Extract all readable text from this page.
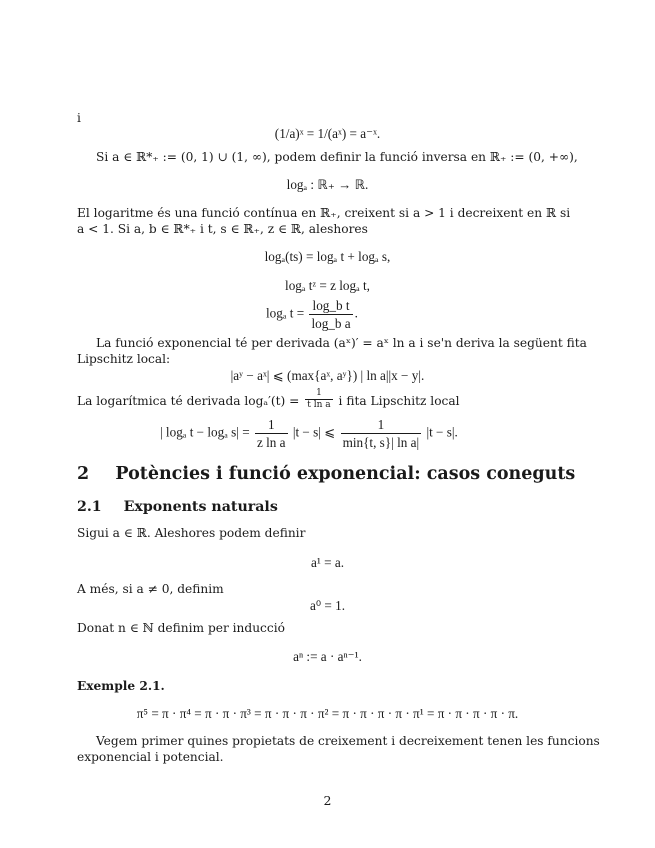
i
(1/a)ˣ = 1/(aˣ) = a⁻ˣ.
Si a ∈ ℝ*₊ := (0, 1) ∪ (1, ∞), podem definir la funció inversa en ℝ₊ := (0, +∞),
logₐ : ℝ₊ → ℝ.
El logaritme és una funció contínua en ℝ₊, creixent si a > 1 i decreixent en ℝ si
a < 1. Si a, b ∈ ℝ*₊ i t, s ∈ ℝ₊, z ∈ ℝ, aleshores
logₐ(ts) = logₐ t + logₐ s,
logₐ tᶻ = z logₐ t,
logₐ $t = \frac{\text{log\_b t}}{\text{log\_b a}}$ .
La funció exponencial té per derivada (aˣ)′ = aˣ ln a i se'n deriva la següent fita
Lipschitz local:
|aʸ − aˣ| ⩽ (max{aˣ, aʸ}) | ln a||x − y|.
La logarítmica té derivada $\log_a'(t) = \frac{1}{\text{t ln a}}$ i fita Lipschitz local
| logₐ t − logₐ $s| = \frac{1}{\text{z ln a}} |t - s|$ ⩽ $\frac{1}{\text{min\{t, s\}| ln a|}} |t - s|$.
2 Potències i funció exponencial: casos coneguts
2.1 Exponents naturals
Sigui a ∈ ℝ. Aleshores podem definir
a¹ = a.
A més, si a ≠ 0, definim
a⁰ = 1.
Donat n ∈ ℕ definim per inducció
aⁿ := a · aⁿ⁻¹.
Exemple 2.1.
π⁵ = π · π⁴ = π · π · π³ = π · π · π · π² = π · π · π · π · π¹ = π · π · π · π · π.
Vegem primer quines propietats de creixement i decreixement tenen les funcions
exponencial i potencial.
2
